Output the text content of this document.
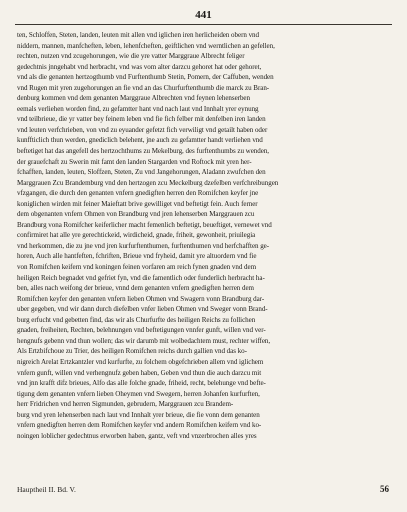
441
ten, Schloffen, Steten, landen, leuten mit allen vnd iglichen iren herlicheiden obern vnd
niddern, mannen, manfcheften, leben, lehenfcheften, geiftlichen vnd werntlichen an gefellen,
rechten, nutzen vnd zcugehorungen, wie die yre vatter Marggraue Albrecht feliger
gedechtnis jnngehabt vnd herbracht, vnd was vom alter darzcu gehoret hat oder gehoret,
vnd als die genanten hertzogthumb vnd Furftenthumb Stetin, Pomern, der Caffuben, wenden
vnd Rugen mit yren zugehorungen an fie vnd an das Churfurftenthumb die marck zu Bran-
denburg kommen vnd dem genanten Marggraue Albrechten vnd feynen lehenserben
eemals verliehen worden find, zu gefamtter hant vnd nach laut vnd Innhalt yrer eynung
vnd teilbrieue, die yr vatter bey feinem leben vnd fie fich felber mit denfelben iren landen
vnd leuten verfchrieben, von vnd zu eyuander gefetzt fich verwiligt vnd getailt haben oder
kunffticlich thun werden, gnediclich belehent, jne auch zu gefamtter handt verliehen vnd
beftetiget hat das angefell des hertzochthums zu Mekelburg, des furftenthumbs zu wenden,
der grauefchaft zu Swerin mit famt den landen Stargarden vnd Roftock mit yren her-
fchafften, landen, leuten, Sloffzen, Steten, Zu vnd Jangehorungen, Aladann zwufchen den
Marggrauen Zcu Brandemburg vnd den hertzogen zcu Meckelburg dzefelben verfchreibungen
vfzgangen, die durch den genanten vnfern gnedigften herren den Romifchen keyfer jne
koniglichen wirden mit feiner Maieftatt brive gewilliget vnd beftetigt fein. Auch ferner
dem obgenanten vnfern Ohmen von Brandburg vnd jren lehenserben Marggrauen zcu
Brandburg vona Romifcher keiferlicher macht femenlich beftetigt, beueftiget, vernewet vnd
confirmiret hat alle yre gerechtickeid, wirdicheid, gnade, friheit, gewonheit, priuilegia
vnd herkommen, die zu jne vnd jren kurfurftenthumen, furftenthumen vnd herfchafften ge-
horen, Auch alle hantfeften, fchriften, Brieue vnd fryheid, damit yre altuordern vnd fie
von Romifchen keifern vnd koningen feinen vorfaren am reich fynen gnaden vnd dem
heiligen Reich begnadet vnd gefriet fyn, vnd die famentlich oder funderlich herbracht ha-
ben, alles nach weifong der brieue, vnnd dem genanten vnfern gnedigften herren dem
Romifchen keyfer den genanten vnfern lieben Ohmen vnd Swagern vonn Brandburg dar-
uber gegeben, vnd wir dann durch diefelben vnfer lieben Ohmen vnd Sweger vonn Brand-
burg erfucht vnd gebetten find, das wir als Churfurfte des heiligen Reichs zu follichen
gnaden, freiheiten, Rechten, belehnungen vnd beftetigungen vnnfer gunft, willen vnd ver-
hengnufs gebenn vnd thun wollen; das wir darumb mit wolbedachtem must, rechter wiffen,
Als Ertzbifchoue zu Trier, des heiligen Romifchen reichs durch gallien vnd das ko-
nigreich Arelat Ertzkantzler vnd kurfurfte, zu folchem obgefchrieben allem vnd iglichem
vnfern gunft, willen vnd verhengnufz geben haben, Geben vnd thun die auch darzcu mit
vnd jnn krafft difz brieues, Alfo das alle folche gnade, friheid, recht, belehunge vnd befte-
tigung dem genanten vnfern lieben Oheymen vnd Swegern, herren Johanfen kurfurften,
herr Fridrichen vnd herren Sigmunden, gebrudern, Marggrauen zcu Brandem-
burg vnd yren lehenserben nach laut vnd Innhalt yrer brieue, die fie vonn dem genanten
vnfern gnedigften herren dem Romifchen keyfer vnd andern Romifchen keifern vnd ko-
noingen loblicher gedechtnus erworben haben, gantz, veft vnd vnzerbrochen alles yres
Hauptheil II. Bd. V.	56
